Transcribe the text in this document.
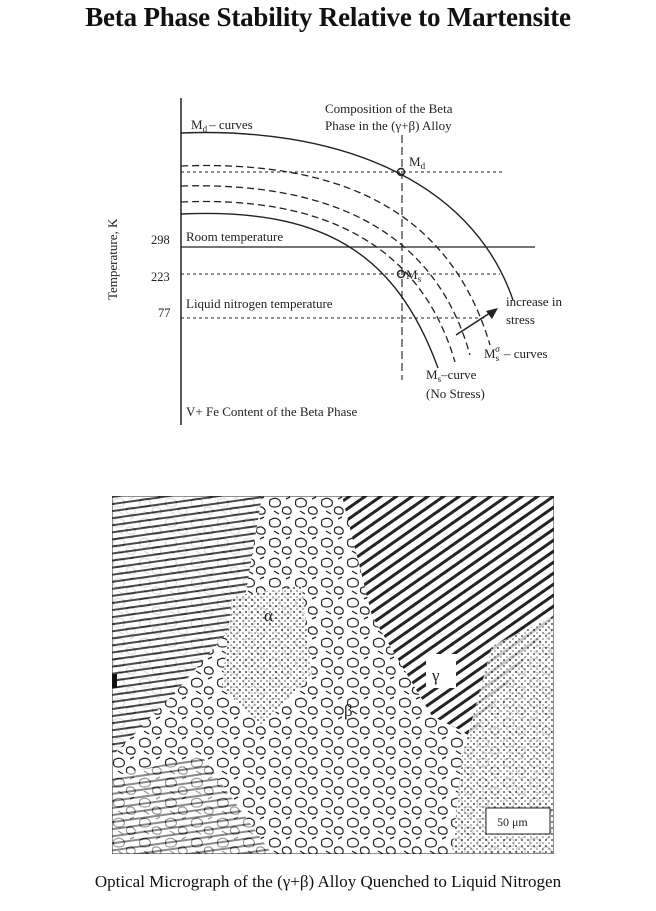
Beta Phase Stability Relative to Martensite
Temperature, K 298
223
77
$M_d$ – curves
Composition of the Beta
Phase in the (γ+β) Alloy
$M_d$
$M_s$
Room temperature
Liquid nitrogen temperature	increase in
stress
$M_s\sigma$ – curves
$M_s$–curve
(No Stress)
V+ Fe Content of the Beta Phase
α
β
γ
50 μm
Optical Micrograph of the (γ+β) Alloy Quenched to Liquid Nitrogen
